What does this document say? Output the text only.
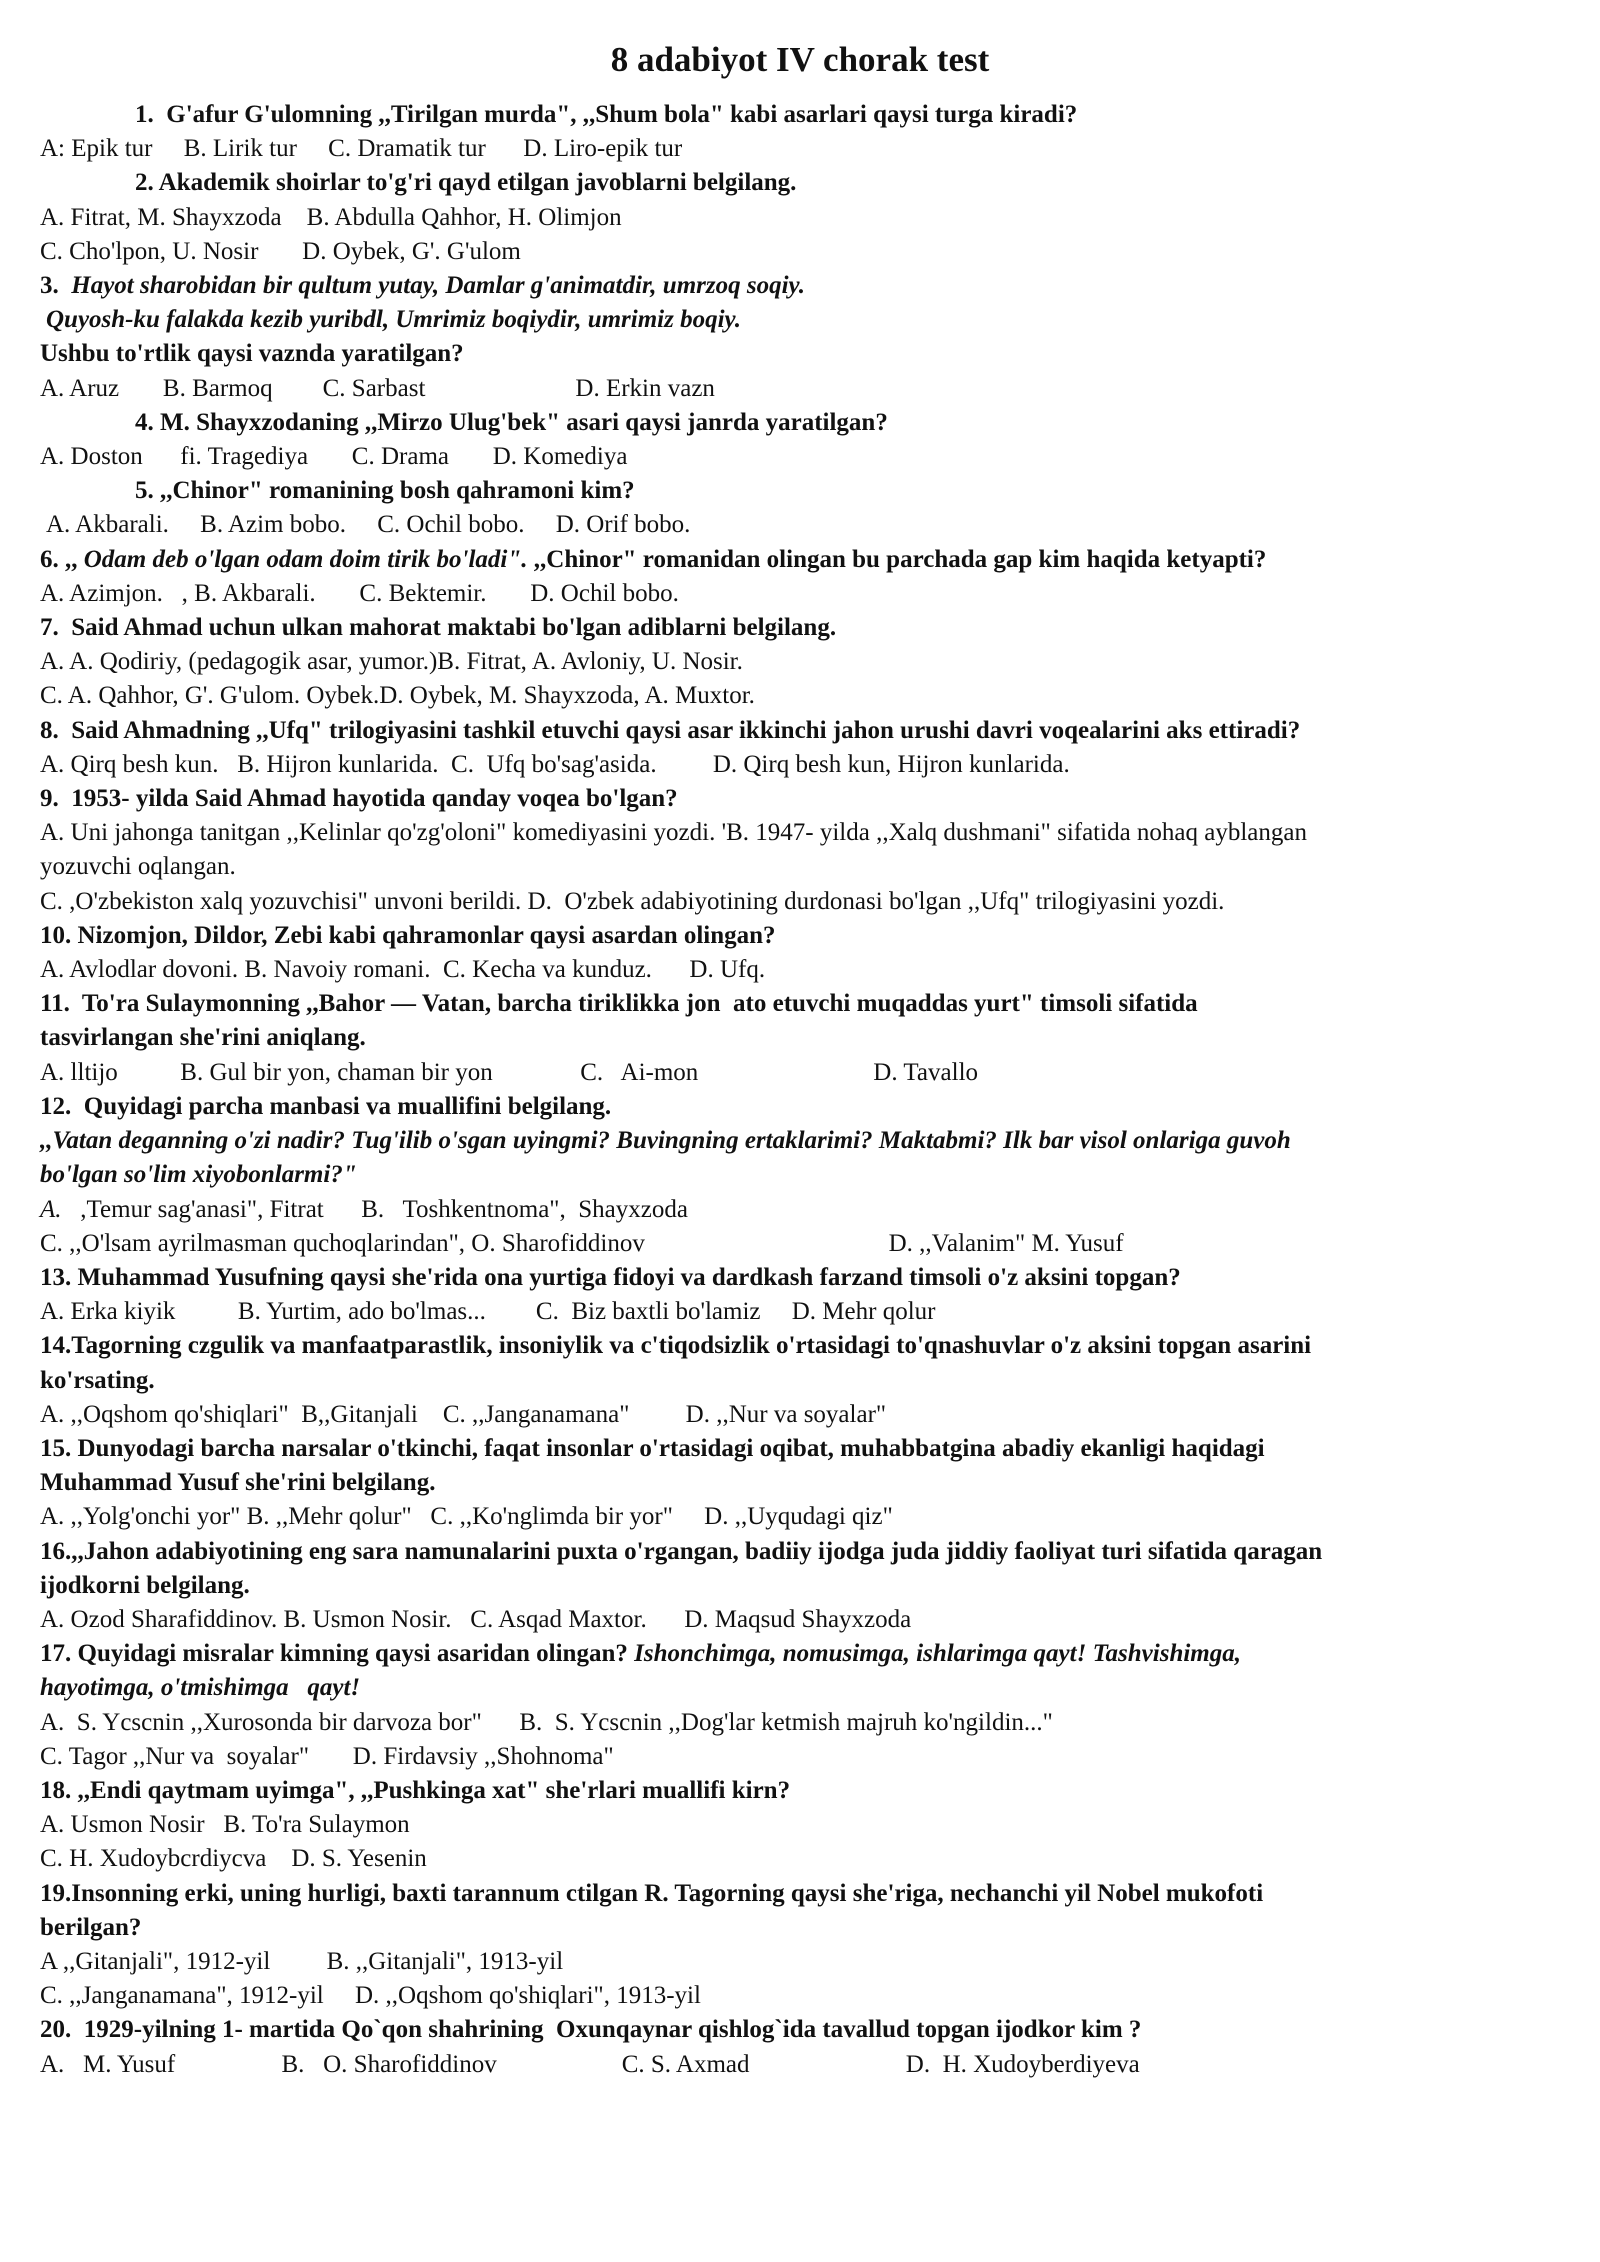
8 adabiyot IV chorak test
1.  G'afur G'ulomning ,,Tirilgan murda", ,,Shum bola" kabi asarlari qaysi turga kiradi?
A: Epik tur     B. Lirik tur     C. Dramatik tur      D. Liro-epik tur
2. Akademik shoirlar to'g'ri qayd etilgan javoblarni belgilang.
A. Fitrat, M. Shayxzoda    B. Abdulla Qahhor, H. Olimjon
C. Cho'lpon, U. Nosir       D. Oybek, G'. G'ulom
3.  Hayot sharobidan bir qultum yutay, Damlar g'animatdir, umrzoq soqiy.
Quyosh-ku falakda kezib yuribdl, Umrimiz boqiydir, umrimiz boqiy.
Ushbu to'rtlik qaysi vaznda yaratilgan?
A. Aruz       B. Barmoq        C. Sarbast                        D. Erkin vazn
4. M. Shayxzodaning ,,Mirzo Ulug'bek" asari qaysi janrda yaratilgan?
A. Doston      fi. Tragediya       C. Drama       D. Komediya
5. ,,Chinor" romanining bosh qahramoni kim?
A. Akbarali.     B. Azim bobo.     C. Ochil bobo.     D. Orif bobo.
6. ,, Odam deb o'lgan odam doim tirik bo'ladi". ,,Chinor" romanidan olingan bu parchada gap kim haqida ketyapti?
A. Azimjon.   , B. Akbarali.       C. Bektemir.       D. Ochil bobo.
7.  Said Ahmad uchun ulkan mahorat maktabi bo'lgan adiblarni belgilang.
A. A. Qodiriy, (pedagogik asar, yumor.)B. Fitrat, A. Avloniy, U. Nosir.
C. A. Qahhor, G'. G'ulom. Oybek.D. Oybek, M. Shayxzoda, A. Muxtor.
8.  Said Ahmadning ,,Ufq" trilogiyasini tashkil etuvchi qaysi asar ikkinchi jahon urushi davri voqealarini aks ettiradi?
A. Qirq besh kun.   B. Hijron kunlarida.  C.  Ufq bo'sag'asida.         D. Qirq besh kun, Hijron kunlarida.
9.  1953- yilda Said Ahmad hayotida qanday voqea bo'lgan?
A. Uni jahonga tanitgan ,,Kelinlar qo'zg'oloni" komediyasini yozdi. 'B. 1947- yilda ,,Xalq dushmani" sifatida nohaq ayblangan
yozuvchi oqlangan.
C. ,O'zbekiston xalq yozuvchisi" unvoni berildi. D.  O'zbek adabiyotining durdonasi bo'lgan ,,Ufq" trilogiyasini yozdi.
10. Nizomjon, Dildor, Zebi kabi qahramonlar qaysi asardan olingan?
A. Avlodlar dovoni. B. Navoiy romani.  C. Kecha va kunduz.      D. Ufq.
11.  To'ra Sulaymonning ,,Bahor — Vatan, barcha tiriklikka jon  ato etuvchi muqaddas yurt" timsoli sifatida
tasvirlangan she'rini aniqlang.
A. lltijo          B. Gul bir yon, chaman bir yon              C.   Ai-mon                            D. Tavallo
12.  Quyidagi parcha manbasi va muallifini belgilang.
,,Vatan deganning o'zi nadir? Tug'ilib o'sgan uyingmi? Buvingning ertaklarimi? Maktabmi? Ilk bar visol onlariga guvoh
bo'lgan so'lim xiyobonlarmi?"
A.   ,Temur sag'anasi", Fitrat      B.   Toshkentnoma",  Shayxzoda
C. ,,O'lsam ayrilmasman quchoqlarindan", O. Sharofiddinov                                       D. ,,Valanim" M. Yusuf
13. Muhammad Yusufning qaysi she'rida ona yurtiga fidoyi va dardkash farzand timsoli o'z aksini topgan?
A. Erka kiyik          B. Yurtim, ado bo'lmas...        C.  Biz baxtli bo'lamiz     D. Mehr qolur
14.Tagorning czgulik va manfaatparastlik, insoniylik va c'tiqodsizlik o'rtasidagi to'qnashuvlar o'z aksini topgan asarini
ko'rsating.
A. ,,Oqshom qo'shiqlari"  B,,Gitanjali    C. ,,Janganamana"         D. ,,Nur va soyalar"
15. Dunyodagi barcha narsalar o'tkinchi, faqat insonlar o'rtasidagi oqibat, muhabbatgina abadiy ekanligi haqidagi
Muhammad Yusuf she'rini belgilang.
A. ,,Yolg'onchi yor" B. ,,Mehr qolur"   C. ,,Ko'nglimda bir yor"     D. ,,Uyqudagi qiz"
16.,,Jahon adabiyotining eng sara namunalarini puxta o'rgangan, badiiy ijodga juda jiddiy faoliyat turi sifatida qaragan
ijodkorni belgilang.
A. Ozod Sharafiddinov. B. Usmon Nosir.   C. Asqad Maxtor.      D. Maqsud Shayxzoda
17. Quyidagi misralar kimning qaysi asaridan olingan? Ishonchimga, nomusimga, ishlarimga qayt! Tashvishimga,
hayotimga, o'tmishimga   qayt!
A.  S. Ycscnin ,,Xurosonda bir darvoza bor"      B.  S. Ycscnin ,,Dog'lar ketmish majruh ko'ngildin..."
C. Tagor ,,Nur va  soyalar"       D. Firdavsiy ,,Shohnoma"
18. ,,Endi qaytmam uyimga", ,,Pushkinga xat" she'rlari muallifi kirn?
A. Usmon Nosir   B. To'ra Sulaymon
C. H. Xudoybcrdiycva    D. S. Yesenin
19.Insonning erki, uning hurligi, baxti tarannum ctilgan R. Tagorning qaysi she'riga, nechanchi yil Nobel mukofoti
berilgan?
A ,,Gitanjali", 1912-yil         B. ,,Gitanjali", 1913-yil
C. ,,Janganamana", 1912-yil     D. ,,Oqshom qo'shiqlari", 1913-yil
20.  1929-yilning 1- martida Qo`qon shahrining  Oxunqaynar qishlog`ida tavallud topgan ijodkor kim ?
A.   M. Yusuf                 B.   O. Sharofiddinov                    C. S. Axmad                         D.  H. Xudoyberdiyeva
